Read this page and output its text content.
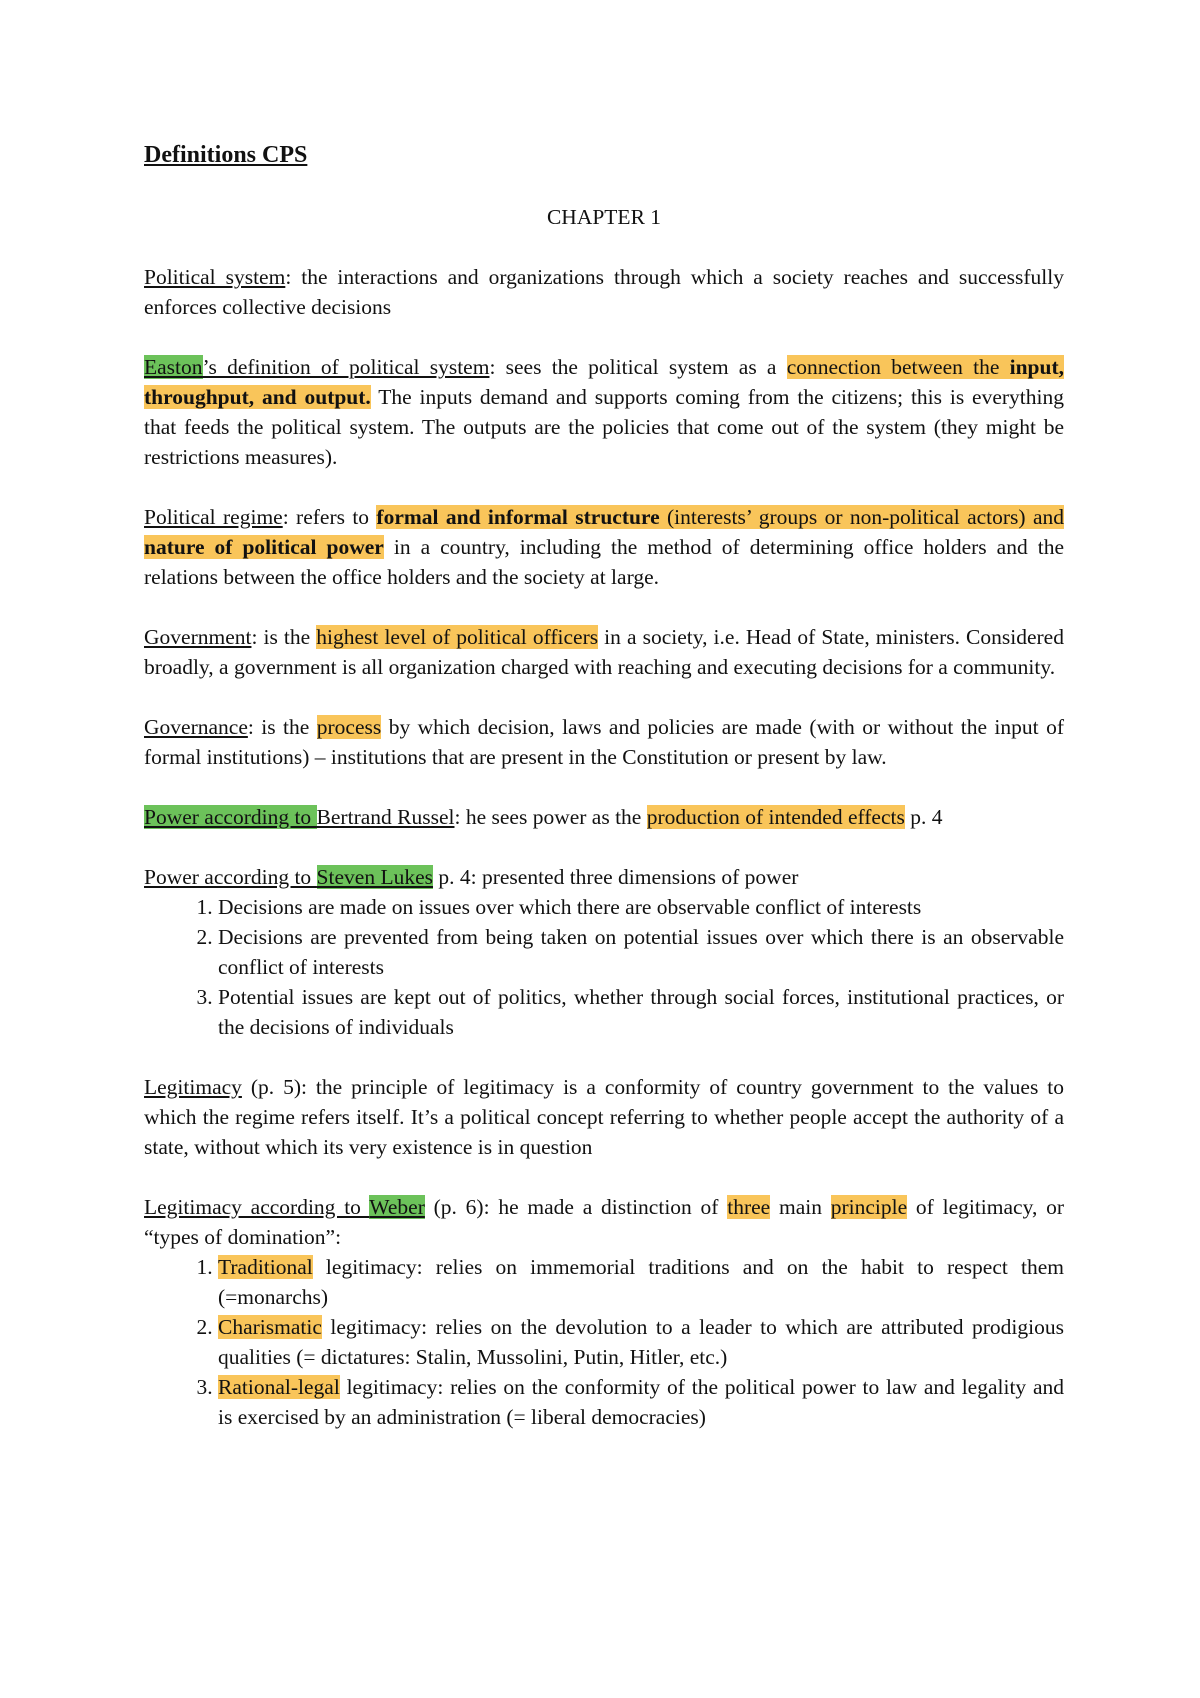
Definitions CPS
CHAPTER 1

Political system: the interactions and organizations through which a society reaches and successfully enforces collective decisions

Easton’s definition of political system: sees the political system as a connection between the input, throughput, and output. The inputs demand and supports coming from the citizens; this is everything that feeds the political system. The outputs are the policies that come out of the system (they might be restrictions measures).

Political regime: refers to formal and informal structure (interests’ groups or non-political actors) and nature of political power in a country, including the method of determining office holders and the relations between the office holders and the society at large.

Government: is the highest level of political officers in a society, i.e. Head of State, ministers. Considered broadly, a government is all organization charged with reaching and executing decisions for a community.

Governance: is the process by which decision, laws and policies are made (with or without the input of formal institutions) – institutions that are present in the Constitution or present by law.

Power according to Bertrand Russel: he sees power as the production of intended effects p. 4

Power according to Steven Lukes p. 4: presented three dimensions of power

1. Decisions are made on issues over which there are observable conflict of interests
2. Decisions are prevented from being taken on potential issues over which there is an observable conflict of interests
3. Potential issues are kept out of politics, whether through social forces, institutional practices, or the decisions of individuals

Legitimacy (p. 5): the principle of legitimacy is a conformity of country government to the values to which the regime refers itself. It’s a political concept referring to whether people accept the authority of a state, without which its very existence is in question

Legitimacy according to Weber (p. 6): he made a distinction of three main principle of legitimacy, or “types of domination”:

1. Traditional legitimacy: relies on immemorial traditions and on the habit to respect them (=monarchs)
2. Charismatic legitimacy: relies on the devolution to a leader to which are attributed prodigious qualities (= dictatures: Stalin, Mussolini, Putin, Hitler, etc.)
3. Rational-legal legitimacy: relies on the conformity of the political power to law and legality and is exercised by an administration (= liberal democracies)
